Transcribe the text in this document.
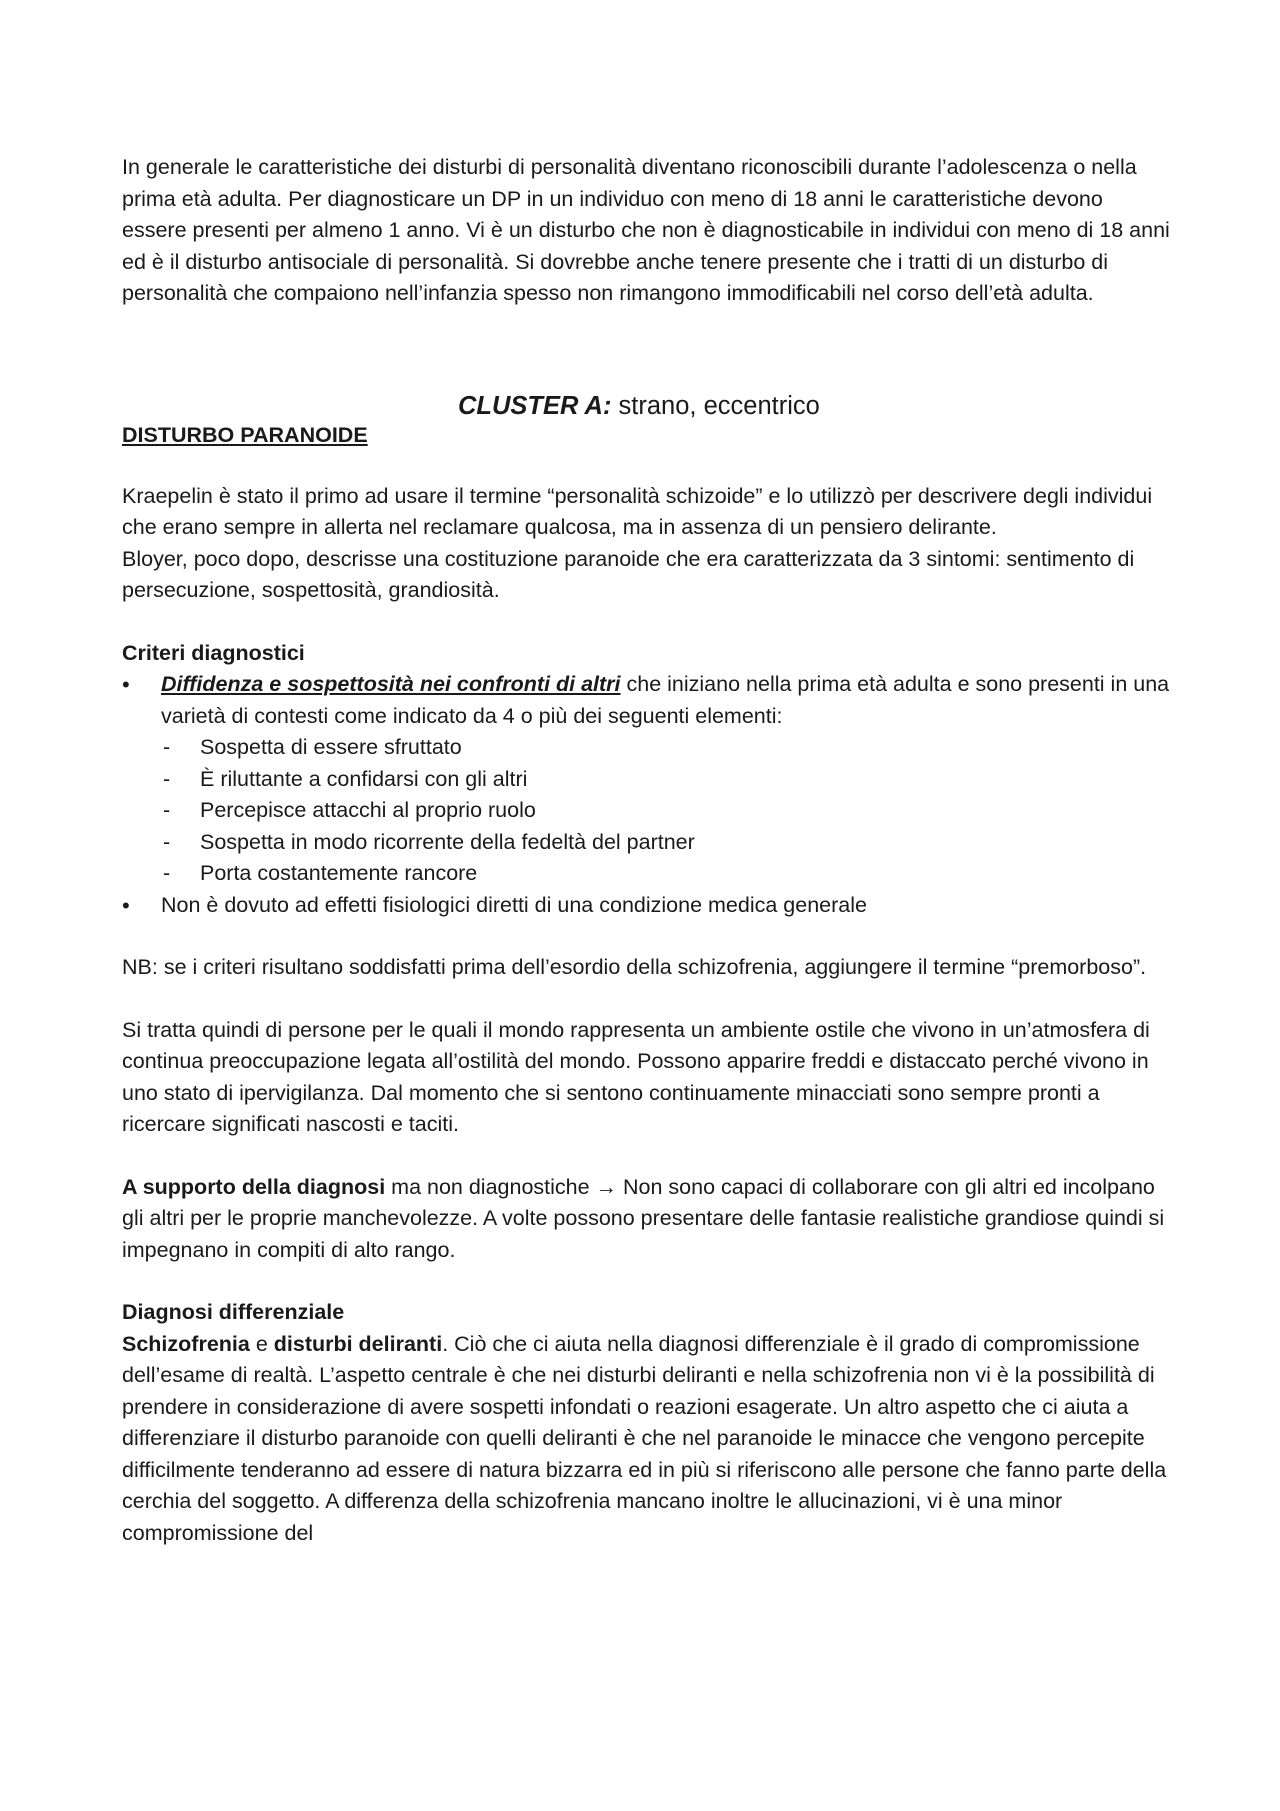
In generale le caratteristiche dei disturbi di personalità diventano riconoscibili durante l’adolescenza o nella prima età adulta. Per diagnosticare un DP in un individuo con meno di 18 anni le caratteristiche devono essere presenti per almeno 1 anno. Vi è un disturbo che non è diagnosticabile in individui con meno di 18 anni ed è il disturbo antisociale di personalità. Si dovrebbe anche tenere presente che i tratti di un disturbo di personalità che compaiono nell’infanzia spesso non rimangono immodificabili nel corso dell’età adulta.

CLUSTER A: strano, eccentrico
DISTURBO PARANOIDE

Kraepelin è stato il primo ad usare il termine “personalità schizoide” e lo utilizzò per descrivere degli individui che erano sempre in allerta nel reclamare qualcosa, ma in assenza di un pensiero delirante.

Bloyer, poco dopo, descrisse una costituzione paranoide che era caratterizzata da 3 sintomi: sentimento di persecuzione, sospettosità, grandiosità.

Criteri diagnostici

• Diffidenza e sospettosità nei confronti di altri che iniziano nella prima età adulta e sono presenti in una varietà di contesti come indicato da 4 o più dei seguenti elementi:
- Sospetta di essere sfruttato
- È riluttante a confidarsi con gli altri
- Percepisce attacchi al proprio ruolo
- Sospetta in modo ricorrente della fedeltà del partner
- Porta costantemente rancore
• Non è dovuto ad effetti fisiologici diretti di una condizione medica generale

NB: se i criteri risultano soddisfatti prima dell’esordio della schizofrenia, aggiungere il termine “premorboso”.

Si tratta quindi di persone per le quali il mondo rappresenta un ambiente ostile che vivono in un’atmosfera di continua preoccupazione legata all’ostilità del mondo. Possono apparire freddi e distaccato perché vivono in uno stato di ipervigilanza. Dal momento che si sentono continuamente minacciati sono sempre pronti a ricercare significati nascosti e taciti.

A supporto della diagnosi ma non diagnostiche → Non sono capaci di collaborare con gli altri ed incolpano gli altri per le proprie manchevolezze. A volte possono presentare delle fantasie realistiche grandiose quindi si impegnano in compiti di alto rango.

Diagnosi differenziale

Schizofrenia e disturbi deliranti. Ciò che ci aiuta nella diagnosi differenziale è il grado di compromissione dell’esame di realtà. L’aspetto centrale è che nei disturbi deliranti e nella schizofrenia non vi è la possibilità di prendere in considerazione di avere sospetti infondati o reazioni esagerate. Un altro aspetto che ci aiuta a differenziare il disturbo paranoide con quelli deliranti è che nel paranoide le minacce che vengono percepite difficilmente tenderanno ad essere di natura bizzarra ed in più si riferiscono alle persone che fanno parte della cerchia del soggetto. A differenza della schizofrenia mancano inoltre le allucinazioni, vi è una minor compromissione del
